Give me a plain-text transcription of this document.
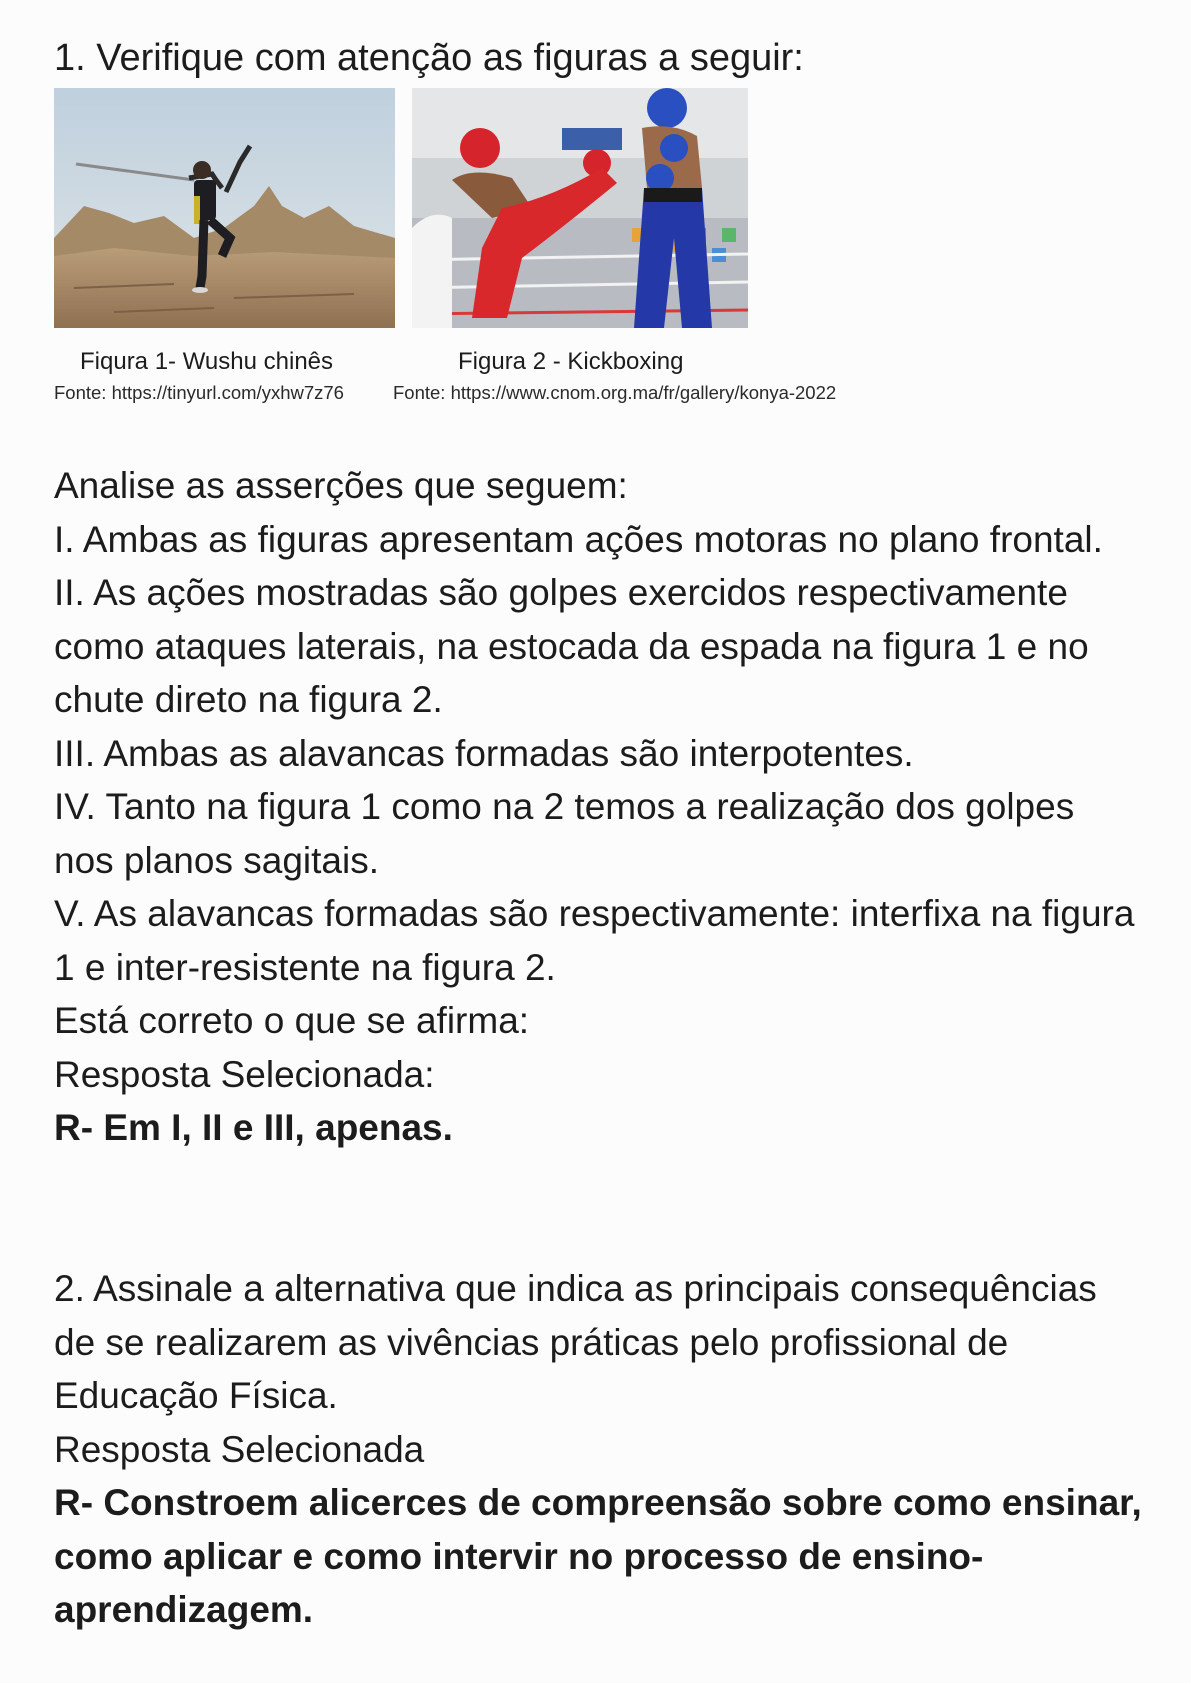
1. Verifique com atenção as figuras a seguir:
Fiqura 1- Wushu chinês	Figura 2 - Kickboxing
Fonte: https://tinyurl.com/yxhw7z76	Fonte: https://www.cnom.org.ma/fr/gallery/konya-2022

Analise as asserções que seguem:

I. Ambas as figuras apresentam ações motoras no plano frontal.

II. As ações mostradas são golpes exercidos respectivamente como ataques laterais, na estocada da espada na figura 1 e no chute direto na figura 2.

III. Ambas as alavancas formadas são interpotentes.

IV. Tanto na figura 1 como na 2 temos a realização dos golpes nos planos sagitais.

V. As alavancas formadas são respectivamente: interfixa na figura 1 e inter-resistente na figura 2.

Está correto o que se afirma:

Resposta Selecionada:

R- Em I, II e III, apenas.

2. Assinale a alternativa que indica as principais consequências de se realizarem as vivências práticas pelo profissional de Educação Física.

Resposta Selecionada

R- Constroem alicerces de compreensão sobre como ensinar, como aplicar e como intervir no processo de ensino-aprendizagem.
